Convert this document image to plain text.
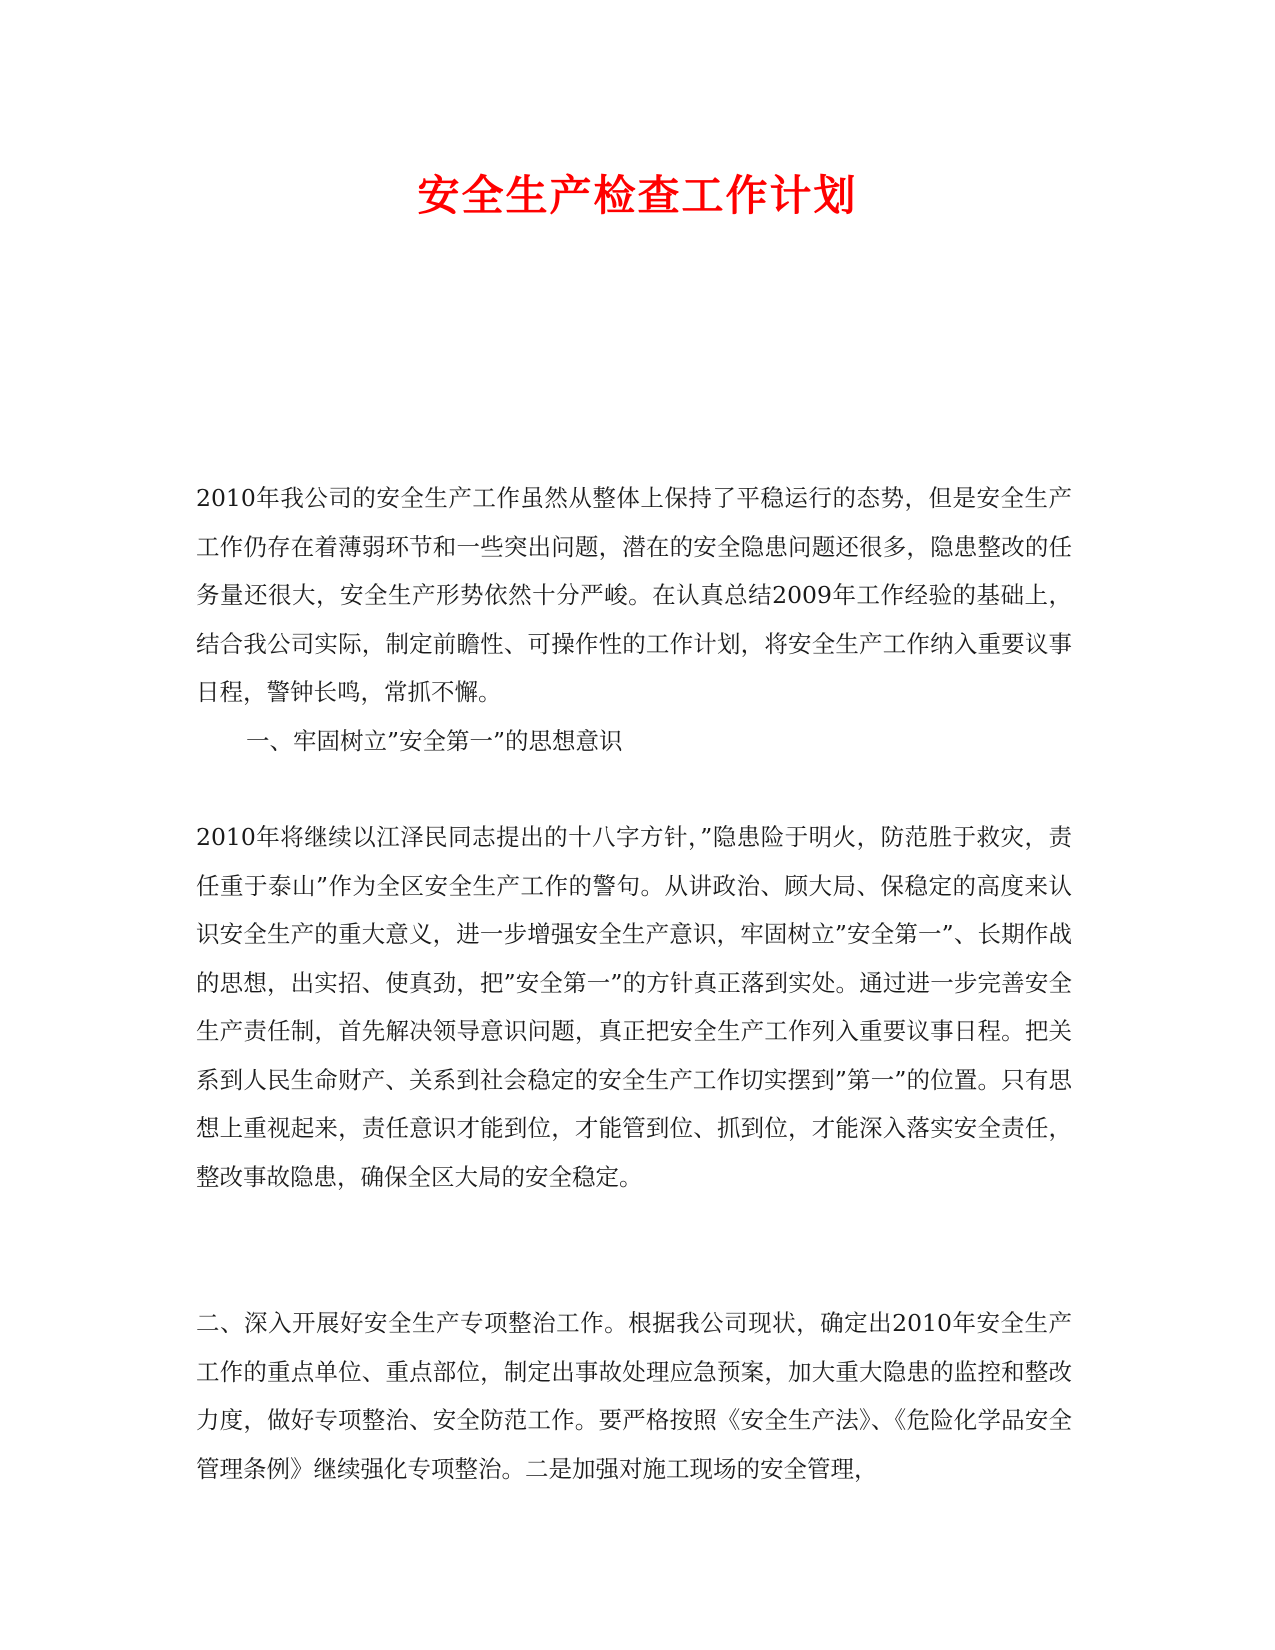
安全生产检查工作计划

2010年我公司的安全生产工作虽然从整体上保持了平稳运行的态势，但是安全生产工作仍存在着薄弱环节和一些突出问题，潜在的安全隐患问题还很多，隐患整改的任务量还很大，安全生产形势依然十分严峻。在认真总结2009年工作经验的基础上，结合我公司实际，制定前瞻性、可操作性的工作计划，将安全生产工作纳入重要议事日程，警钟长鸣，常抓不懈。

一、牢固树立”安全第一”的思想意识

2010年将继续以江泽民同志提出的十八字方针，”隐患险于明火，防范胜于救灾，责任重于泰山”作为全区安全生产工作的警句。从讲政治、顾大局、保稳定的高度来认识安全生产的重大意义，进一步增强安全生产意识，牢固树立”安全第一”、长期作战的思想，出实招、使真劲，把”安全第一”的方针真正落到实处。通过进一步完善安全生产责任制，首先解决领导意识问题，真正把安全生产工作列入重要议事日程。把关系到人民生命财产、关系到社会稳定的安全生产工作切实摆到”第一”的位置。只有思想上重视起来，责任意识才能到位，才能管到位、抓到位，才能深入落实安全责任，整改事故隐患，确保全区大局的安全稳定。

二、深入开展好安全生产专项整治工作。根据我公司现状，确定出2010年安全生产工作的重点单位、重点部位，制定出事故处理应急预案，加大重大隐患的监控和整改力度，做好专项整治、安全防范工作。要严格按照《安全生产法》、《危险化学品安全管理条例》继续强化专项整治。二是加强对施工现场的安全管理，
